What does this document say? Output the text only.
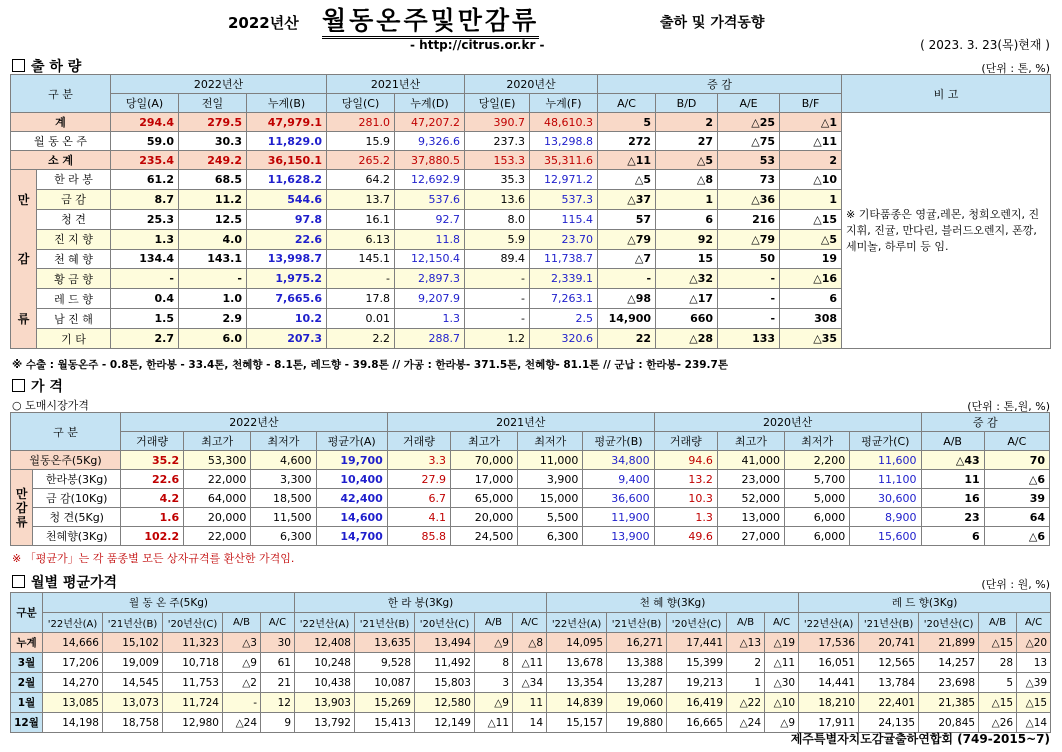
2022년산 월동온주및만감류	출하 및 가격동향
- http://citrus.or.kr -	( 2023. 3. 23(목)현재 )
출 하 량	(단위 : 톤, %)
구 분		2022년산			2021년산		2020년산		증 감				비 고
		당일(A)	전일	누계(B)	당일(C)	누계(D)	당일(E)	누계(F)	A/C	B/D	A/E	B/F	
계		294.4	279.5	47,979.1	281.0	47,207.2	390.7	48,610.3	5	2	△25	△1	※ 기타품종은 영귤,레몬, 청희오렌지, 진지휘, 진귤, 만다린, 블러드오렌지, 폰깡,세미놀, 하루미 등 임.
월 동 온 주		59.0	30.3	11,829.0	15.9	9,326.6	237.3	13,298.8	272	27	△75	△11	
소 계		235.4	249.2	36,150.1	265.2	37,880.5	153.3	35,311.6	△11	△5	53	2	

만
감
류	한 라 봉	61.2	68.5	11,628.2	64.2	12,692.9	35.3	12,971.2	△5	△8	73	△10	
	금 감	8.7	11.2	544.6	13.7	537.6	13.6	537.3	△37	1	△36	1	
	청 견	25.3	12.5	97.8	16.1	92.7	8.0	115.4	57	6	216	△15	
	진 지 향	1.3	4.0	22.6	6.13	11.8	5.9	23.70	△79	92	△79	△5	
	천 혜 향	134.4	143.1	13,998.7	145.1	12,150.4	89.4	11,738.7	△7	15	50	19	
	황 금 향	-	-	1,975.2	-	2,897.3	-	2,339.1	-	△32	-	△16	
	레 드 향	0.4	1.0	7,665.6	17.8	9,207.9	-	7,263.1	△98	△17	-	6	
	남 진 해	1.5	2.9	10.2	0.01	1.3	-	2.5	14,900	660	-	308	
	기 타	2.7	6.0	207.3	2.2	288.7	1.2	320.6	22	△28	133	△35	
※ 수출 : 월동온주 - 0.8톤, 한라봉 - 33.4톤, 천혜향 - 8.1톤, 레드향 - 39.8톤 // 가공 : 한라봉- 371.5톤, 천혜향- 81.1톤 // 군납 : 한라봉- 239.7톤
가 격
○ 도매시장가격	(단위 : 톤,원, %)
구 분		2022년산				2021년산				2020년산				증 감	
		거래량	최고가	최저가	평균가(A)	거래량	최고가	최저가	평균가(B)	거래량	최고가	최저가	평균가(C)	A/B	A/C
월동온주(5Kg)		35.2	53,300	4,600	19,700	3.3	70,000	11,000	34,800	94.6	41,000	2,200	11,600	△43	70

만
감
류	한라봉(3Kg)	22.6	22,000	3,300	10,400	27.9	17,000	3,900	9,400	13.2	23,000	5,700	11,100	11	△6
	금 감(10Kg)	4.2	64,000	18,500	42,400	6.7	65,000	15,000	36,600	10.3	52,000	5,000	30,600	16	39
	청 견(5Kg)	1.6	20,000	11,500	14,600	4.1	20,000	5,500	11,900	1.3	13,000	6,000	8,900	23	64
	천혜향(3Kg)	102.2	22,000	6,300	14,700	85.8	24,500	6,300	13,900	49.6	27,000	6,000	15,600	6	△6
※ 「평균가」는 각 품종별 모든 상자규격를 환산한 가격임.
월별 평균가격	(단위 : 원, %)
구분	월 동 온 주(5Kg)					한 라 봉(3Kg)					천 혜 향(3Kg)					레 드 향(3Kg)				
	'22년산(A)	'21년산(B)	'20년산(C)	A/B	A/C	'22년산(A)	'21년산(B)	'20년산(C)	A/B	A/C	'22년산(A)	'21년산(B)	'20년산(C)	A/B	A/C	'22년산(A)	'21년산(B)	'20년산(C)	A/B	A/C
누계	14,666	15,102	11,323	△3	30	12,408	13,635	13,494	△9	△8	14,095	16,271	17,441	△13	△19	17,536	20,741	21,899	△15	△20
3월	17,206	19,009	10,718	△9	61	10,248	9,528	11,492	8	△11	13,678	13,388	15,399	2	△11	16,051	12,565	14,257	28	13
2월	14,270	14,545	11,753	△2	21	10,438	10,087	15,803	3	△34	13,354	13,287	19,213	1	△30	14,441	13,784	23,698	5	△39
1월	13,085	13,073	11,724	-	12	13,903	15,269	12,580	△9	11	14,839	19,060	16,419	△22	△10	18,210	22,401	21,385	△15	△15
12월	14,198	18,758	12,980	△24	9	13,792	15,413	12,149	△11	14	15,157	19,880	16,665	△24	△9	17,911	24,135	20,845	△26	△14
제주특별자치도감귤출하연합회 (749-2015~7)
